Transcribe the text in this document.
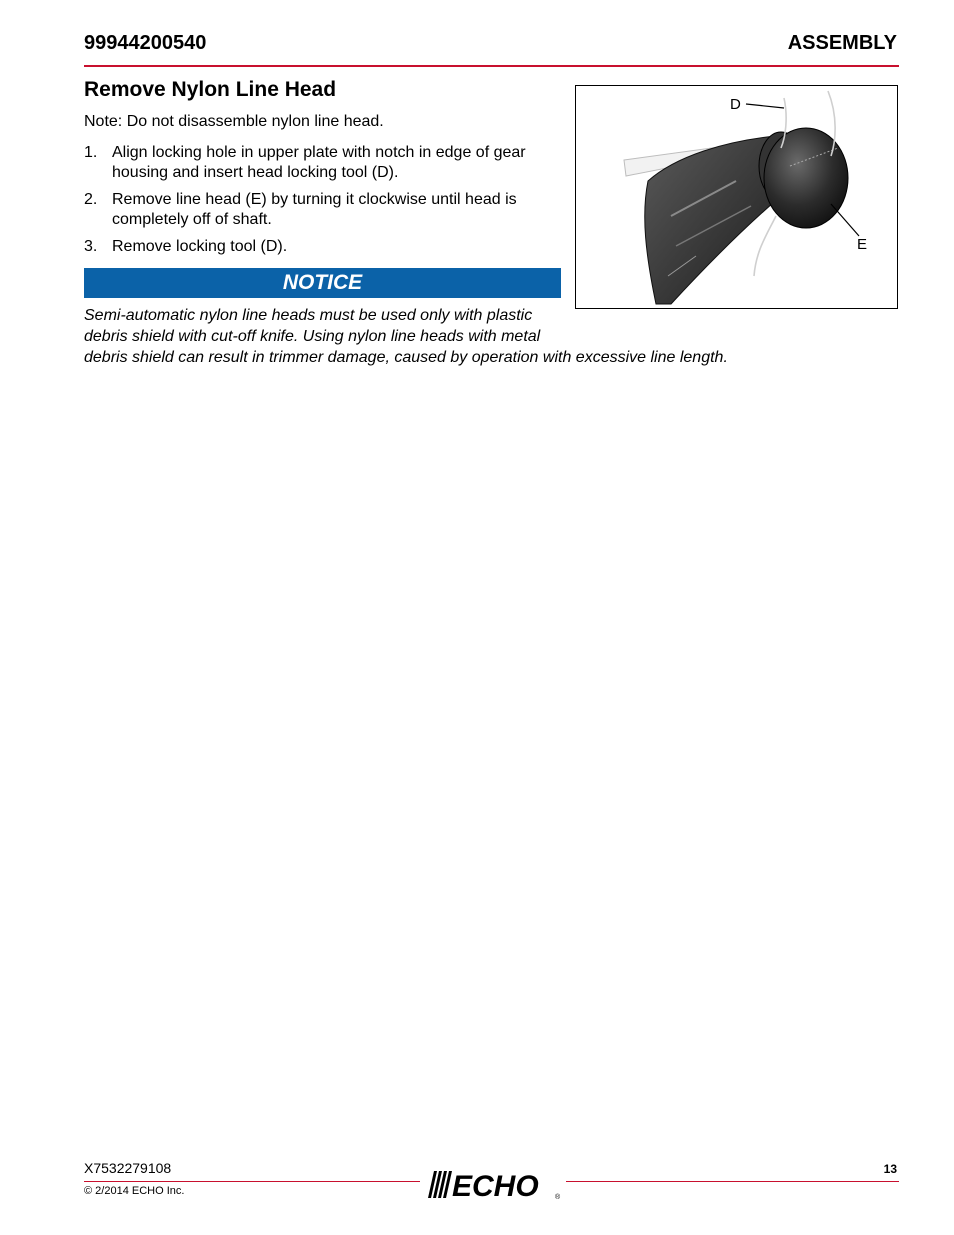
99944200540	ASSEMBLY
Remove Nylon Line Head
Note: Do not disassemble nylon line head.
1. Align locking hole in upper plate with notch in edge of gear housing and insert head locking tool (D).
2. Remove line head (E) by turning it clockwise until head is completely off of shaft.
3. Remove locking tool (D).
NOTICE
Semi-automatic nylon line heads must be used only with plastic debris shield with cut-off knife. Using nylon line heads with metal debris shield can result in trimmer damage, caused by operation with excessive line length.
D
E
X7532279108
© 2/2014 ECHO Inc.
13
ECHO ®
